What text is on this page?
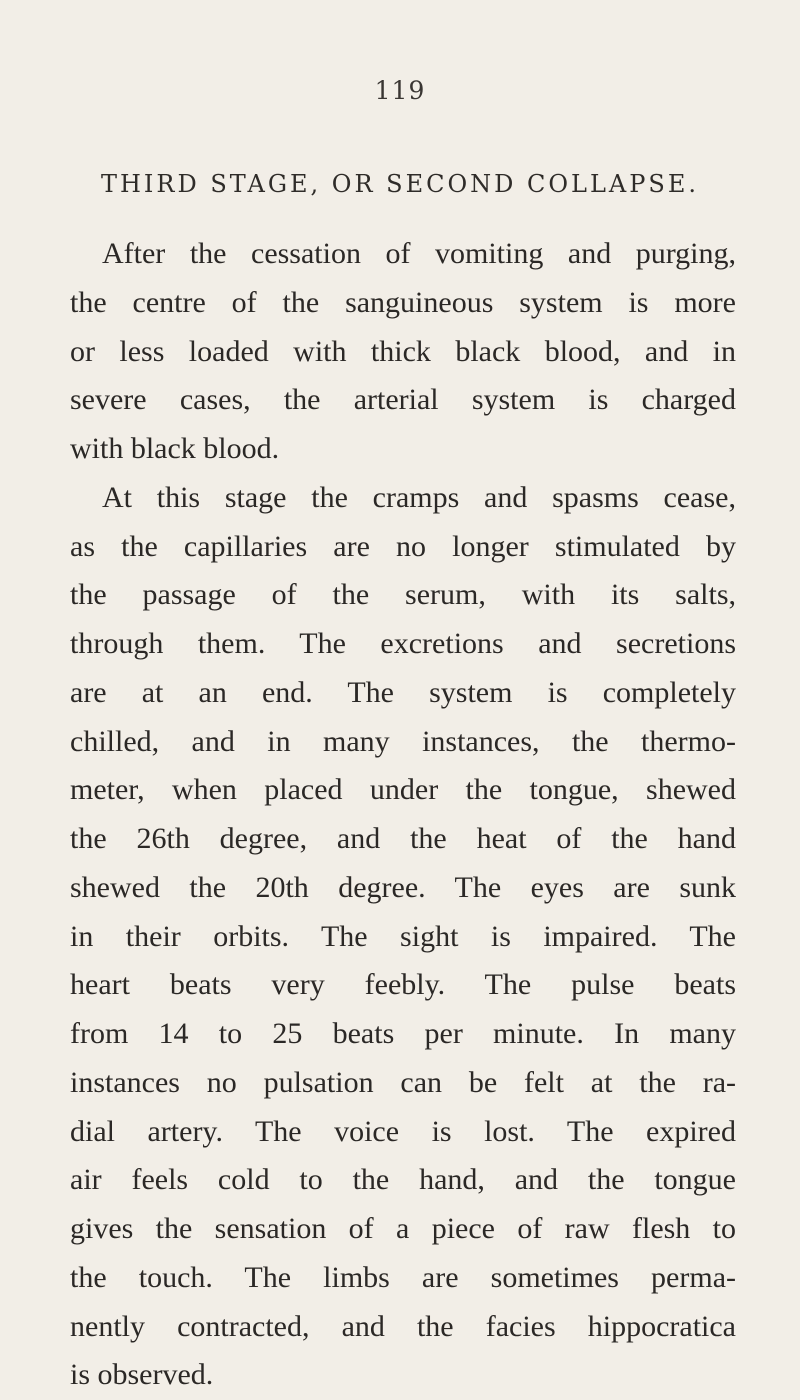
119
THIRD STAGE, OR SECOND COLLAPSE.
After the cessation of vomiting and purging,
the centre of the sanguineous system is more
or less loaded with thick black blood, and in
severe cases, the arterial system is charged
with black blood.
At this stage the cramps and spasms cease,
as the capillaries are no longer stimulated by
the passage of the serum, with its salts,
through them. The excretions and secretions
are at an end. The system is completely
chilled, and in many instances, the thermo-
meter, when placed under the tongue, shewed
the 26th degree, and the heat of the hand
shewed the 20th degree. The eyes are sunk
in their orbits. The sight is impaired. The
heart beats very feebly. The pulse beats
from 14 to 25 beats per minute. In many
instances no pulsation can be felt at the ra-
dial artery. The voice is lost. The expired
air feels cold to the hand, and the tongue
gives the sensation of a piece of raw flesh to
the touch. The limbs are sometimes perma-
nently contracted, and the facies hippocratica
is observed.
